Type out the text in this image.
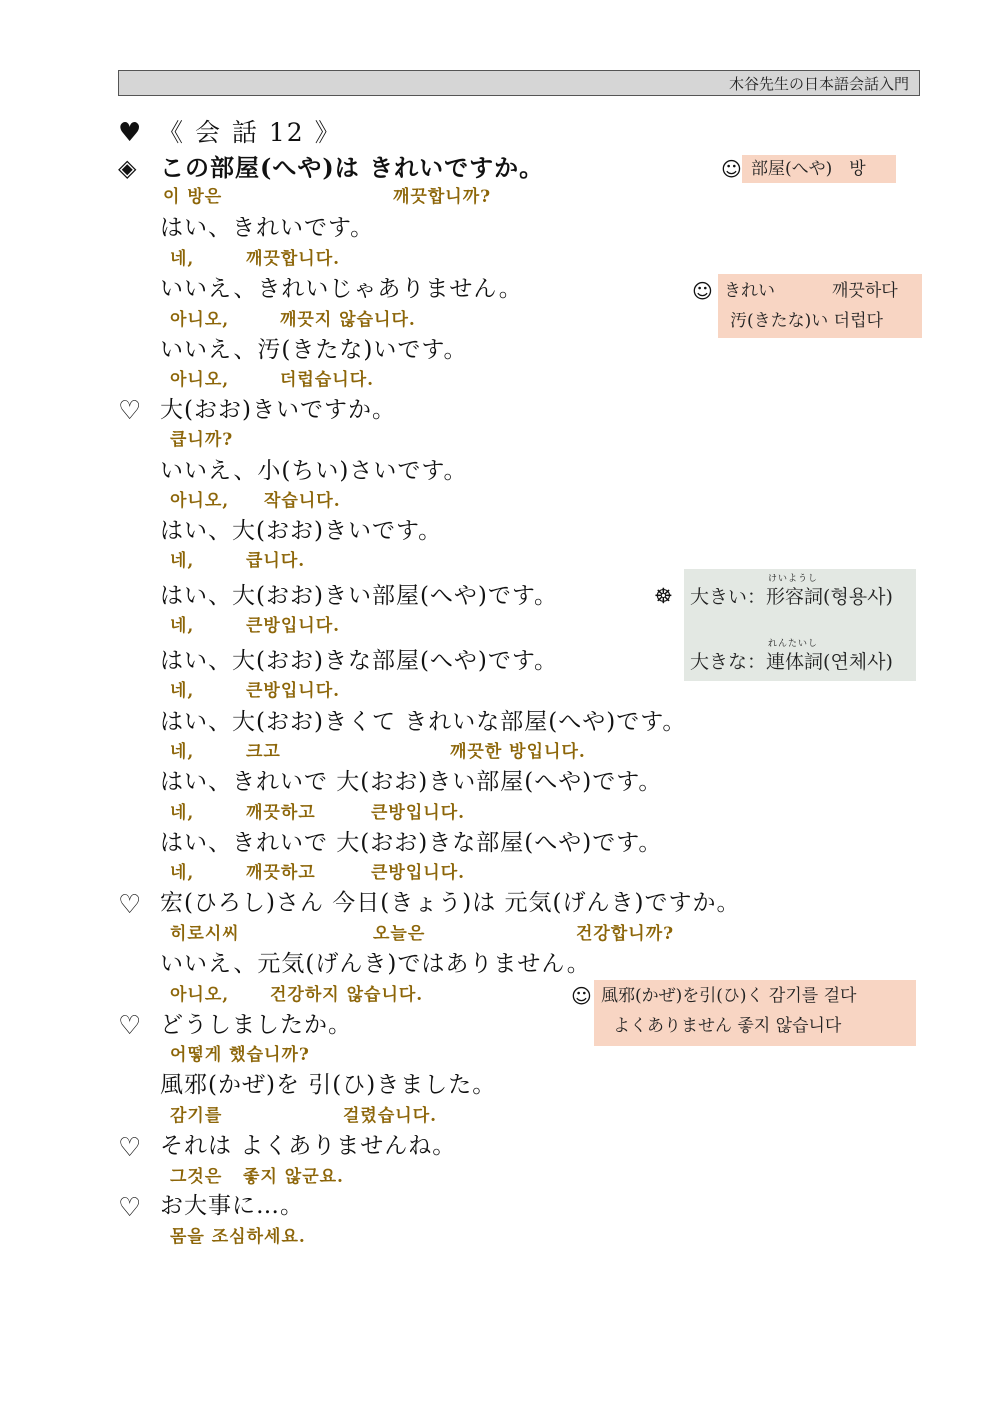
木谷先生の日本語会話入門
♥ 《 会 話 12 》
◈ この部屋(へや)は きれいですか。
이 방은	깨끗합니까?
はい、きれいです。
네,	깨끗합니다.
いいえ、きれいじゃありません。
아니오,	깨끗지 않습니다.
いいえ、汚(きたな)いです。
아니오,	더럽습니다.
♡ 大(おお)きいですか。
큽니까?
いいえ、小(ちい)さいです。
아니오, 작습니다.
はい、大(おお)きいです。
네,	큽니다.
はい、大(おお)きい部屋(へや)です。
네,	큰방입니다.
はい、大(おお)きな部屋(へや)です。
네,	큰방입니다.
はい、大(おお)きくて きれいな部屋(へや)です。
네,	크고	깨끗한 방입니다.
はい、きれいで 大(おお)きい部屋(へや)です。
네,	깨끗하고	큰방입니다.
はい、きれいで 大(おお)きな部屋(へや)です。
네,	깨끗하고	큰방입니다.
♡ 宏(ひろし)さん 今日(きょう)は 元気(げんき)ですか。
히로시씨	오늘은	건강합니까?
いいえ、元気(げんき)ではありません。
아니오, 건강하지 않습니다.
♡ どうしましたか。
어떻게 했습니까?
風邪(かぜ)を 引(ひ)きました。
감기를	걸렸습니다.
♡ それは よくありませんね。
그것은   좋지 않군요.
♡ お大事に…。
몸을 조심하세요.
☺ 部屋(へや)　방
☺ きれい	깨끗하다
汚(きたな)い 더럽다
☸ 大きい：
けいようし
形容詞(형용사)
大きな：
れんたいし
連体詞(연체사)
☺ 風邪(かぜ)を引(ひ)く 감기를 걸다
よくありません 좋지 않습니다
